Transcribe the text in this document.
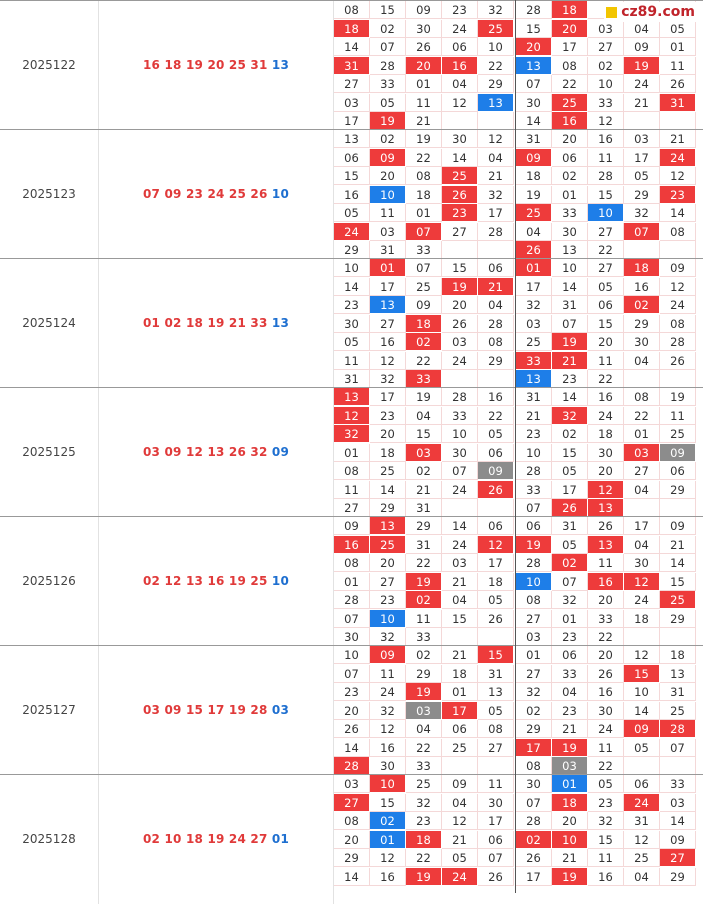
2025122	16 18 19 20 25 31 13
08	15	09	23	32	28	18
18	02	30	24	25	15	20	03	04	05
14	07	26	06	10	20	17	27	09	01
31	28	20	16	22	13	08	02	19	11
27	33	01	04	29	07	22	10	24	26
03	05	11	12	13	30	25	33	21	31
17	19	21	14	16	12
2025123	07 09 23 24 25 26 10
13	02	19	30	12	31	20	16	03	21
06	09	22	14	04	09	06	11	17	24
15	20	08	25	21	18	02	28	05	12
16	10	18	26	32	19	01	15	29	23
05	11	01	23	17	25	33	10	32	14
24	03	07	27	28	04	30	27	07	08
29	31	33	26	13	22
2025124	01 02 18 19 21 33 13
10	01	07	15	06	01	10	27	18	09
14	17	25	19	21	17	14	05	16	12
23	13	09	20	04	32	31	06	02	24
30	27	18	26	28	03	07	15	29	08
05	16	02	03	08	25	19	20	30	28
11	12	22	24	29	33	21	11	04	26
31	32	33	13	23	22
2025125	03 09 12 13 26 32 09
13	17	19	28	16	31	14	16	08	19
12	23	04	33	22	21	32	24	22	11
32	20	15	10	05	23	02	18	01	25
01	18	03	30	06	10	15	30	03	09
08	25	02	07	09	28	05	20	27	06
11	14	21	24	26	33	17	12	04	29
27	29	31	07	26	13
2025126	02 12 13 16 19 25 10
09	13	29	14	06	06	31	26	17	09
16	25	31	24	12	19	05	13	04	21
08	20	22	03	17	28	02	11	30	14
01	27	19	21	18	10	07	16	12	15
28	23	02	04	05	08	32	20	24	25
07	10	11	15	26	27	01	33	18	29
30	32	33	03	23	22
2025127	03 09 15 17 19 28 03
10	09	02	21	15	01	06	20	12	18
07	11	29	18	31	27	33	26	15	13
23	24	19	01	13	32	04	16	10	31
20	32	03	17	05	02	23	30	14	25
26	12	04	06	08	29	21	24	09	28
14	16	22	25	27	17	19	11	05	07
28	30	33	08	03	22
2025128	02 10 18 19 24 27 01
03	10	25	09	11	30	01	05	06	33
27	15	32	04	30	07	18	23	24	03
08	02	23	12	17	28	20	32	31	14
20	01	18	21	06	02	10	15	12	09
29	12	22	05	07	26	21	11	25	27
14	16	19	24	26	17	19	16	04	29
cz89.com
